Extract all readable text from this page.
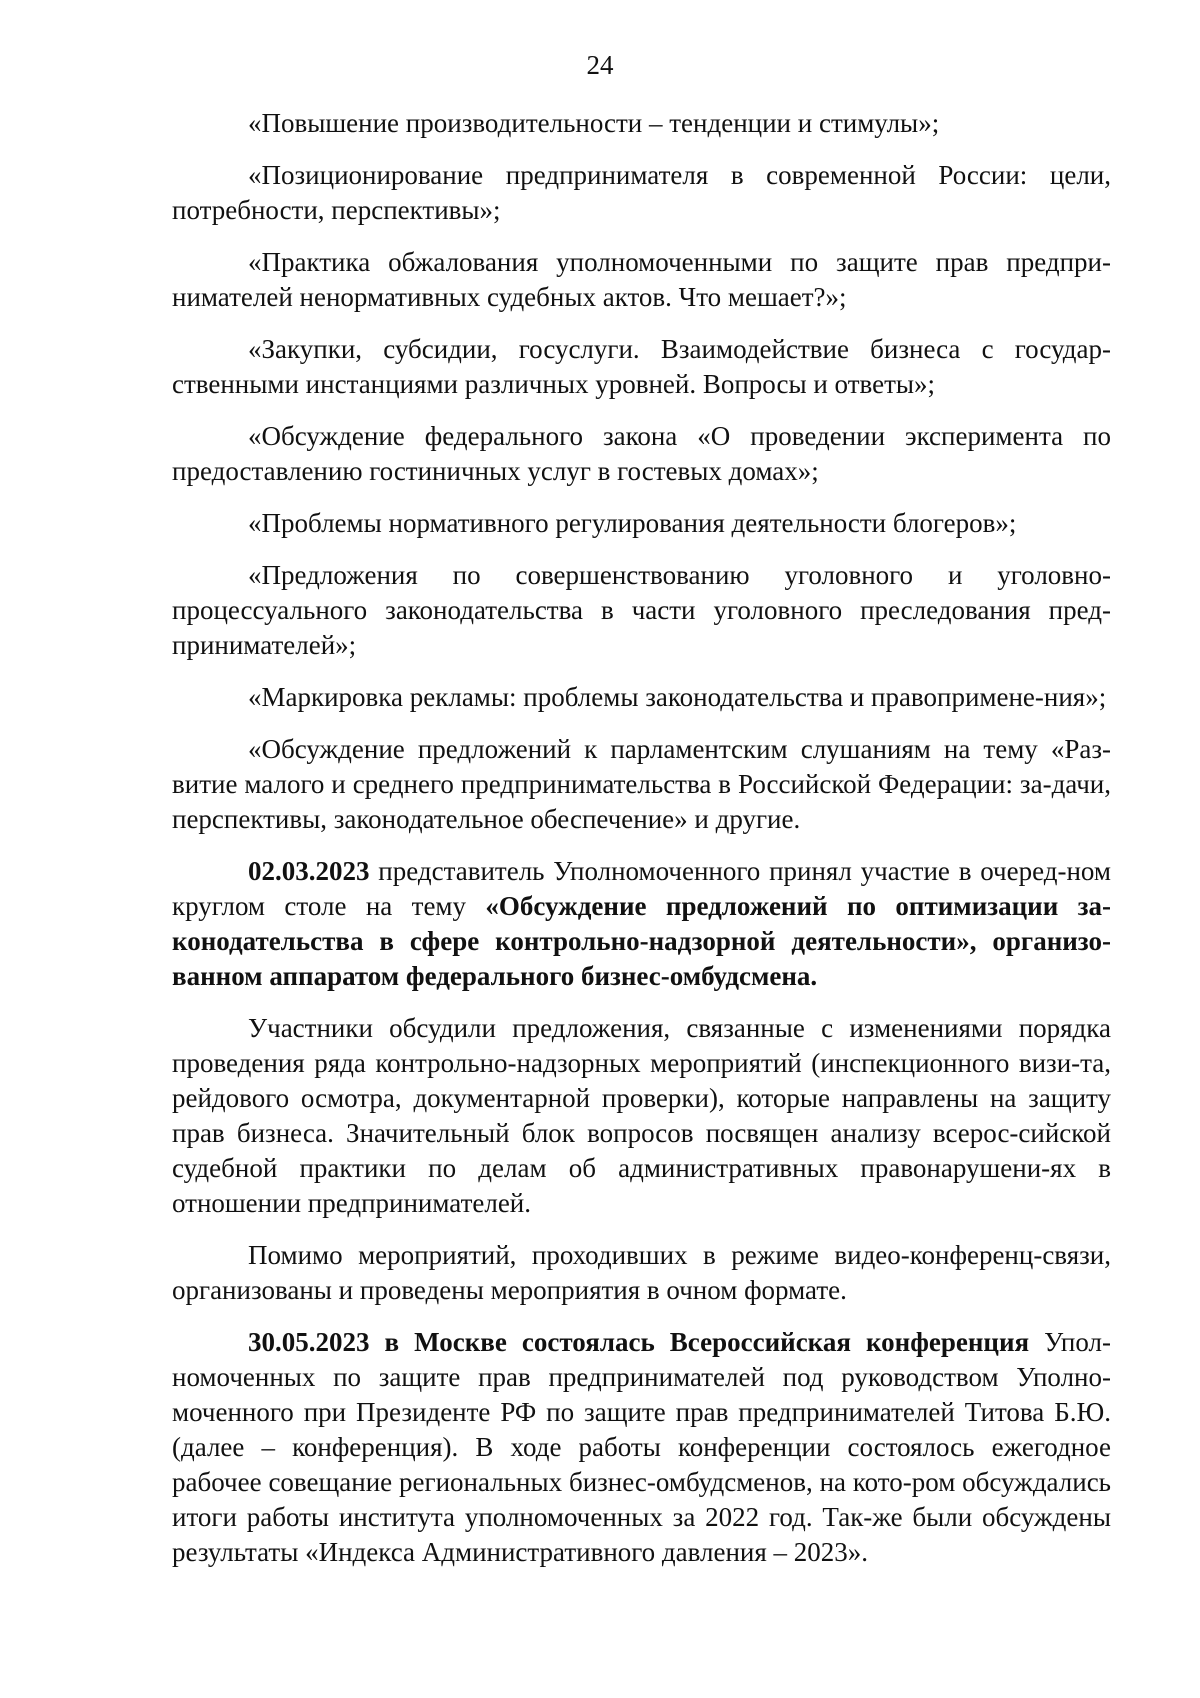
24

«Повышение производительности – тенденции и стимулы»;

«Позиционирование предпринимателя в современной России: цели, потребности, перспективы»;

«Практика обжалования уполномоченными по защите прав предпри-нимателей ненормативных судебных актов. Что мешает?»;

«Закупки, субсидии, госуслуги. Взаимодействие бизнеса с государ-ственными инстанциями различных уровней. Вопросы и ответы»;

«Обсуждение федерального закона «О проведении эксперимента по предоставлению гостиничных услуг в гостевых домах»;

«Проблемы нормативного регулирования деятельности блогеров»;

«Предложения по совершенствованию уголовного и уголовно-процессуального законодательства в части уголовного преследования пред-принимателей»;

«Маркировка рекламы: проблемы законодательства и правопримене-ния»;

«Обсуждение предложений к парламентским слушаниям на тему «Раз-витие малого и среднего предпринимательства в Российской Федерации: за-дачи, перспективы, законодательное обеспечение» и другие.

02.03.2023 представитель Уполномоченного принял участие в очеред-ном круглом столе на тему «Обсуждение предложений по оптимизации за-конодательства в сфере контрольно-надзорной деятельности», организо-ванном аппаратом федерального бизнес-омбудсмена.

Участники обсудили предложения, связанные с изменениями порядка проведения ряда контрольно-надзорных мероприятий (инспекционного визи-та, рейдового осмотра, документарной проверки), которые направлены на защиту прав бизнеса. Значительный блок вопросов посвящен анализу всерос-сийской судебной практики по делам об административных правонарушени-ях в отношении предпринимателей.

Помимо мероприятий, проходивших в режиме видео-конференц-связи, организованы и проведены мероприятия в очном формате.

30.05.2023 в Москве состоялась Всероссийская конференция Упол-номоченных по защите прав предпринимателей под руководством Уполно-моченного при Президенте РФ по защите прав предпринимателей Титова Б.Ю. (далее – конференция). В ходе работы конференции состоялось ежегодное рабочее совещание региональных бизнес-омбудсменов, на кото-ром обсуждались итоги работы института уполномоченных за 2022 год. Так-же были обсуждены результаты «Индекса Административного давления – 2023».
